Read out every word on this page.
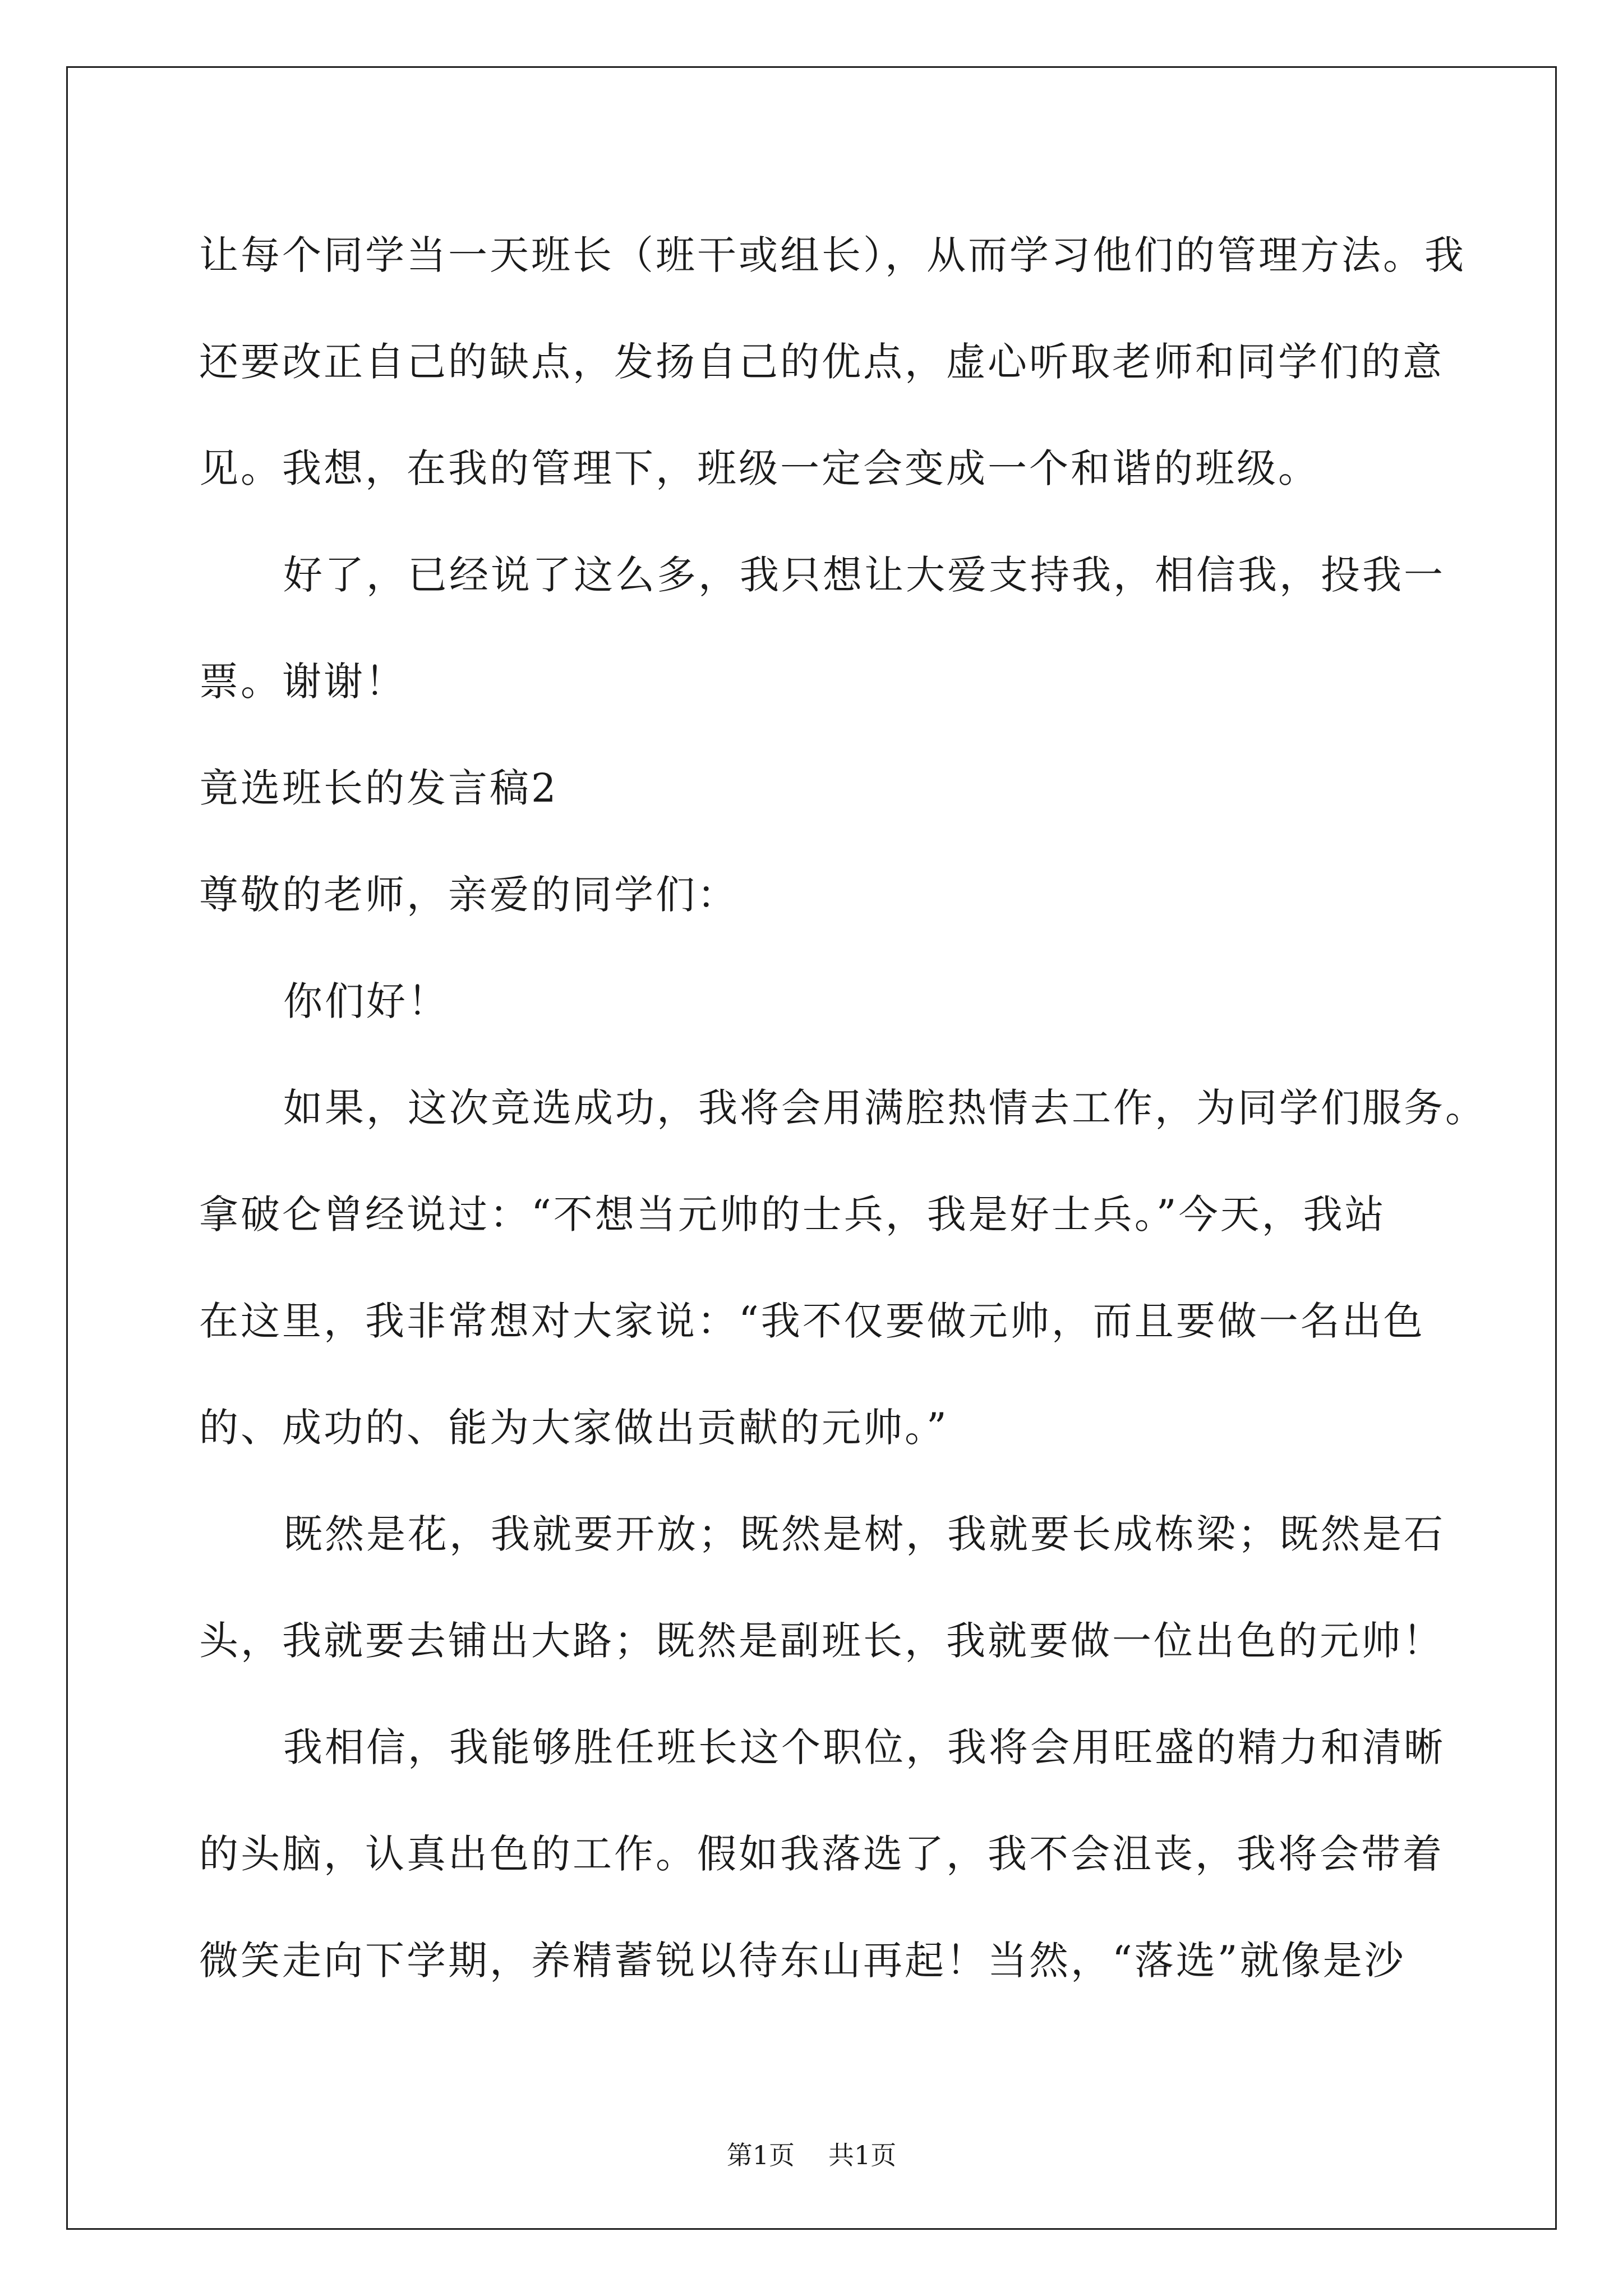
让每个同学当一天班长（班干或组长），从而学习他们的管理方法。我
还要改正自己的缺点，发扬自己的优点，虚心听取老师和同学们的意
见。我想，在我的管理下，班级一定会变成一个和谐的班级。
好了，已经说了这么多，我只想让大爱支持我，相信我，投我一
票。谢谢！
竟选班长的发言稿2
尊敬的老师，亲爱的同学们：
你们好！
如果，这次竞选成功，我将会用满腔热情去工作，为同学们服务。
拿破仑曾经说过：“不想当元帅的士兵，我是好士兵。”今天，我站
在这里，我非常想对大家说：“我不仅要做元帅，而且要做一名出色
的、成功的、能为大家做出贡献的元帅。”
既然是花，我就要开放；既然是树，我就要长成栋梁；既然是石
头，我就要去铺出大路；既然是副班长，我就要做一位出色的元帅！
我相信，我能够胜任班长这个职位，我将会用旺盛的精力和清晰
的头脑，认真出色的工作。假如我落选了，我不会沮丧，我将会带着
微笑走向下学期，养精蓄锐以待东山再起！当然，“落选”就像是沙
第1页 共1页
